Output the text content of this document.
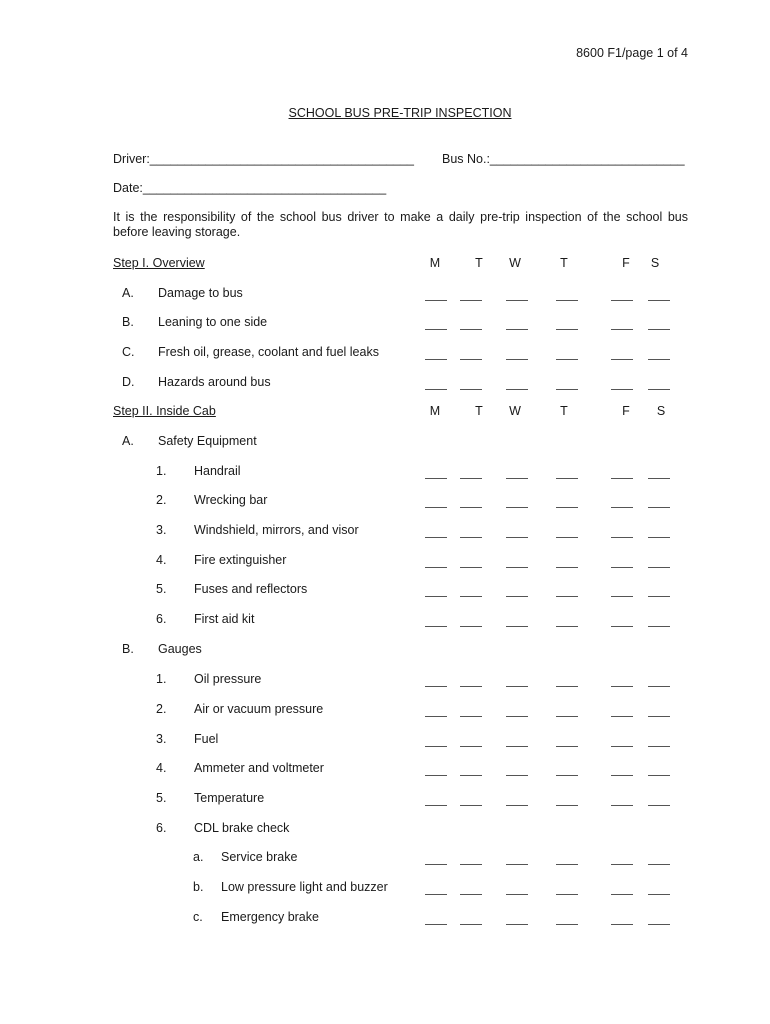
8600 F1/page 1 of 4
SCHOOL BUS PRE-TRIP INSPECTION
Driver:______________________________________ Bus No.:____________________________
Date:___________________________________
It is the responsibility of the school bus driver to make a daily pre-trip inspection of the school bus before leaving storage.
Step I. Overview	M	T	W	T	F	S
A. Damage to bus
B. Leaning to one side
C. Fresh oil, grease, coolant and fuel leaks
D. Hazards around bus
Step II. Inside Cab	M	T	W	T	F	S
A. Safety Equipment
1. Handrail
2. Wrecking bar
3. Windshield, mirrors, and visor
4. Fire extinguisher
5. Fuses and reflectors
6. First aid kit
B. Gauges
1. Oil pressure
2. Air or vacuum pressure
3. Fuel
4. Ammeter and voltmeter
5. Temperature
6. CDL brake check
a. Service brake
b. Low pressure light and buzzer
c. Emergency brake
